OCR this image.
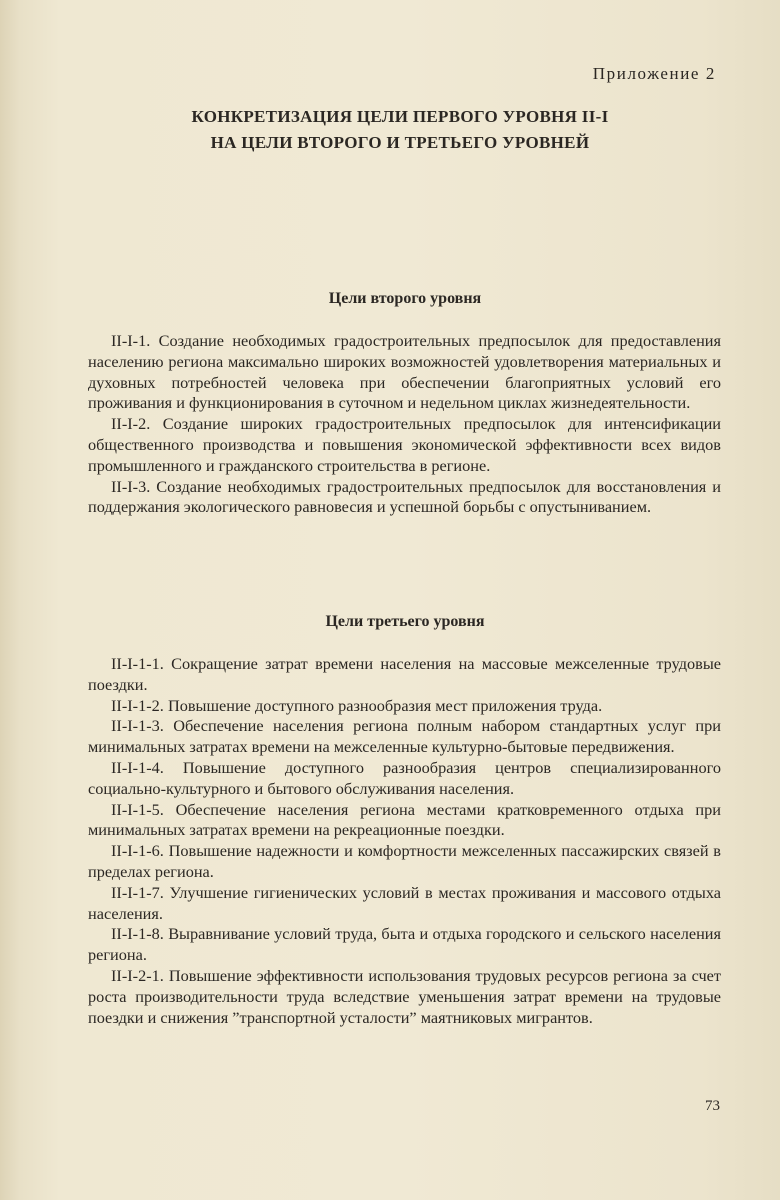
Приложение 2
КОНКРЕТИЗАЦИЯ ЦЕЛИ ПЕРВОГО УРОВНЯ II-I
НА ЦЕЛИ ВТОРОГО И ТРЕТЬЕГО УРОВНЕЙ
Цели второго уровня

II-I-1. Создание необходимых градостроительных предпосылок для предоставления населению региона максимально широких возможностей удовлетворения материальных и духовных потребностей человека при обеспечении благоприятных условий его проживания и функционирования в суточном и недельном циклах жизнедеятельности.

II-I-2. Создание широких градостроительных предпосылок для интенсификации общественного производства и повышения экономической эффективности всех видов промышленного и гражданского строительства в регионе.

II-I-3. Создание необходимых градостроительных предпосылок для восстановления и поддержания экологического равновесия и успешной борьбы с опустыниванием.

Цели третьего уровня

II-I-1-1. Сокращение затрат времени населения на массовые межселенные трудовые поездки.

II-I-1-2. Повышение доступного разнообразия мест приложения труда.

II-I-1-3. Обеспечение населения региона полным набором стандартных услуг при минимальных затратах времени на межселенные культурно-бытовые передвижения.

II-I-1-4. Повышение доступного разнообразия центров специализированного социально-культурного и бытового обслуживания населения.

II-I-1-5. Обеспечение населения региона местами кратковременного отдыха при минимальных затратах времени на рекреационные поездки.

II-I-1-6. Повышение надежности и комфортности межселенных пассажирских связей в пределах региона.

II-I-1-7. Улучшение гигиенических условий в местах проживания и массового отдыха населения.

II-I-1-8. Выравнивание условий труда, быта и отдыха городского и сельского населения региона.

II-I-2-1. Повышение эффективности использования трудовых ресурсов региона за счет роста производительности труда вследствие уменьшения затрат времени на трудовые поездки и снижения ”транспортной усталости” маятниковых мигрантов.

73
